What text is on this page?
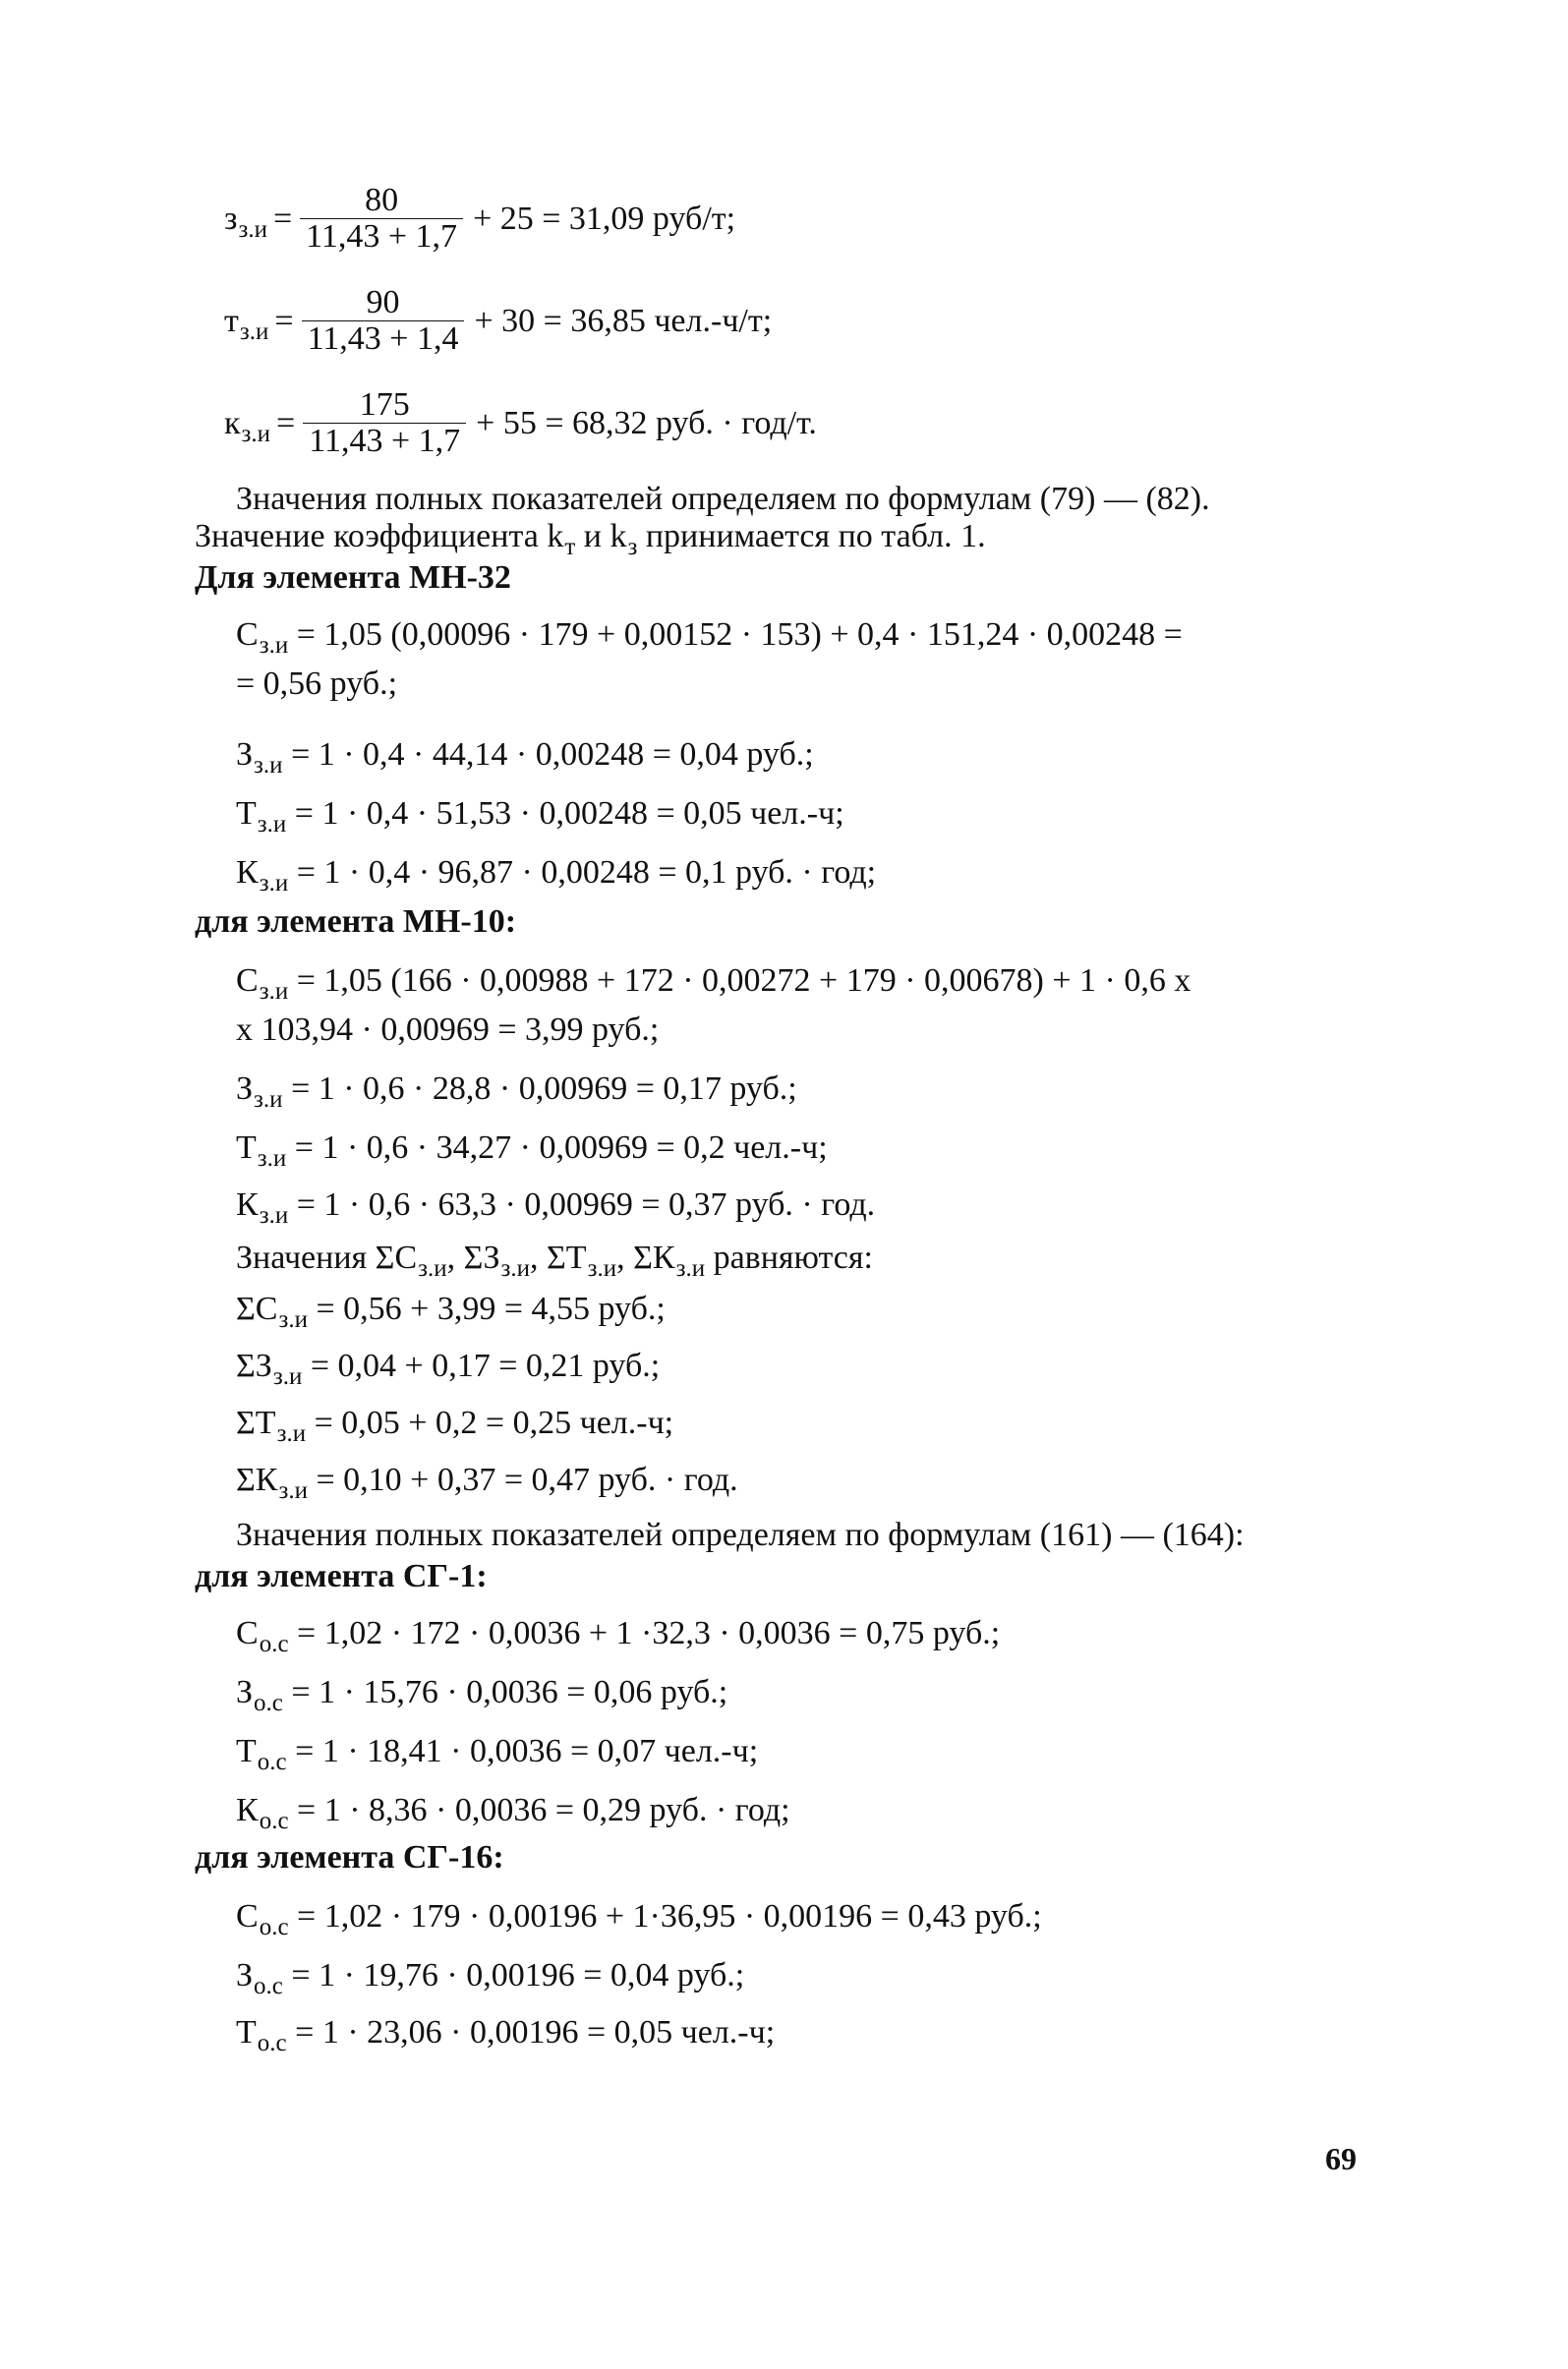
$з_{з.и} = \frac{80}{11,43 + 1,7} + 25 = 31,09$ руб/т;
$т_{з.и} = \frac{90}{11,43 + 1,4} + 30 = 36,85$ чел.-ч/т;
$к_{з.и} = \frac{175}{11,43 + 1,7} + 55 = 68,32$ руб. · год/т.
Значения полных показателей определяем по формулам (79) — (82).
Значение коэффициента $k_т$ и $k_з$ принимается по табл. 1.
Для элемента МН-32
$С_{з.и} = 1,05$ (0,00096 · 179 + 0,00152 · 153) + 0,4 · 151,24 · 0,00248 =
= 0,56 руб.;
$З_{з.и} = 1 \cdot 0,4 \cdot 44,14 \cdot 0,00248 = 0,04$ руб.;
$Т_{з.и} = 1 \cdot 0,4 \cdot 51,53 \cdot 0,00248 = 0,05$ чел.-ч;
$К_{з.и} = 1 \cdot 0,4 \cdot 96,87 \cdot 0,00248 = 0,1$ руб. · год;
для элемента МН-10:
$С_{з.и} = 1,05$ (166 · 0,00988 + 172 · 0,00272 + 179 · 0,00678) + 1 · 0,6 x
x 103,94 · 0,00969 = 3,99 руб.;
$З_{з.и} = 1 \cdot 0,6 \cdot 28,8 \cdot 0,00969 = 0,17$ руб.;
$Т_{з.и} = 1 \cdot 0,6 \cdot 34,27 \cdot 0,00969 = 0,2$ чел.-ч;
$К_{з.и} = 1 \cdot 0,6 \cdot 63,3 \cdot 0,00969 = 0,37$ руб. · год.
Значения $\Sigma С_{з.и}$, $\Sigma З_{з.и}$, $\Sigma Т_{з.и}$, $\Sigma К_{з.и}$ равняются:
$\Sigma С_{з.и} = 0,56 + 3,99 = 4,55$ руб.;
$\Sigma З_{з.и} = 0,04 + 0,17 = 0,21$ руб.;
$\Sigma Т_{з.и} = 0,05 + 0,2 = 0,25$ чел.-ч;
$\Sigma К_{з.и} = 0,10 + 0,37 = 0,47$ руб. · год.
Значения полных показателей определяем по формулам (161) — (164):
для элемента СГ-1:
$С_{о.с} = 1,02 \cdot 172 \cdot 0,0036 + 1 \cdot 32,3 \cdot 0,0036 = 0,75$ руб.;
$З_{о.с} = 1 \cdot 15,76 \cdot 0,0036 = 0,06$ руб.;
$Т_{о.с} = 1 \cdot 18,41 \cdot 0,0036 = 0,07$ чел.-ч;
$К_{о.с} = 1 \cdot 8,36 \cdot 0,0036 = 0,29$ руб. · год;
для элемента СГ-16:
$С_{о.с} = 1,02 \cdot 179 \cdot 0,00196 + 1\cdot 36,95 \cdot 0,00196 = 0,43$ руб.;
$З_{о.с} = 1 \cdot 19,76 \cdot 0,00196 = 0,04$ руб.;
$Т_{о.с} = 1 \cdot 23,06 \cdot 0,00196 = 0,05$ чел.-ч;
69
